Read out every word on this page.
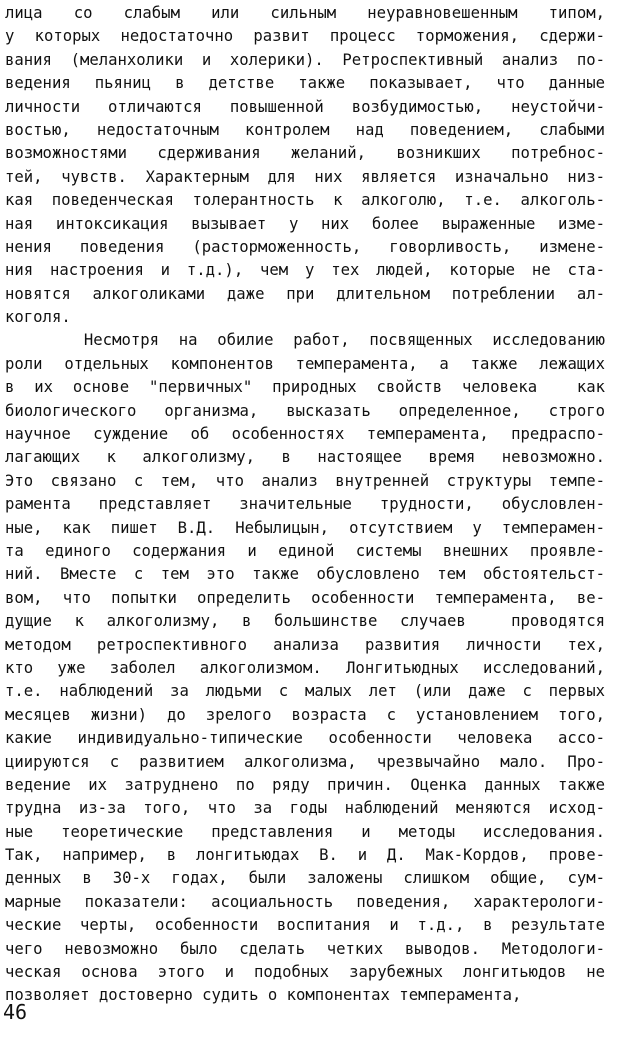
лица со слабым или сильным неуравновешенным типом,
у которых недостаточно развит процесс торможения, сдержи-
вания (меланхолики и холерики). Ретроспективный анализ по-
ведения пьяниц в детстве также показывает, что данные
личности отличаются повышенной возбудимостью, неустойчи-
востью, недостаточным контролем над поведением, слабыми
возможностями сдерживания желаний, возникших потребнос-
тей, чувств. Характерным для них является изначально низ-
кая поведенческая толерантность к алкоголю, т.е. алкоголь-
ная интоксикация вызывает у них более выраженные изме-
нения поведения (расторможенность, говорливость, измене-
ния настроения и т.д.), чем у тех людей, которые не ста-
новятся алкоголиками даже при длительном потреблении ал-
коголя.
Несмотря на обилие работ, посвященных исследованию
роли отдельных компонентов темперамента, а также лежащих
в их основе "первичных" природных свойств человека  как
биологического организма, высказать определенное, строго
научное суждение об особенностях темперамента, предраспо-
лагающих к алкоголизму, в настоящее время невозможно.
Это связано с тем, что анализ внутренней структуры темпе-
рамента представляет значительные трудности, обусловлен-
ные, как пишет В.Д. Небылицын, отсутствием у темперамен-
та единого содержания и единой системы внешних проявле-
ний. Вместе с тем это также обусловлено тем обстоятельст-
вом, что попытки определить особенности темперамента, ве-
дущие к алкоголизму, в большинстве случаев  проводятся
методом ретроспективного анализа развития личности тех,
кто уже заболел алкоголизмом. Лонгитьюдных исследований,
т.е. наблюдений за людьми с малых лет (или даже с первых
месяцев жизни) до зрелого возраста с установлением того,
какие индивидуально-типические особенности человека ассо-
циируются с развитием алкоголизма, чрезвычайно мало. Про-
ведение их затруднено по ряду причин. Оценка данных также
трудна из-за того, что за годы наблюдений меняются исход-
ные теоретические представления и методы исследования.
Так, например, в лонгитьюдах В. и Д. Мак-Кордов, прове-
денных в 30-х годах, были заложены слишком общие, сум-
марные показатели: асоциальность поведения, характерологи-
ческие черты, особенности воспитания и т.д., в результате
чего невозможно было сделать четких выводов. Методологи-
ческая основа этого и подобных зарубежных лонгитьюдов не
позволяет достоверно судить о компонентах темперамента,
46
